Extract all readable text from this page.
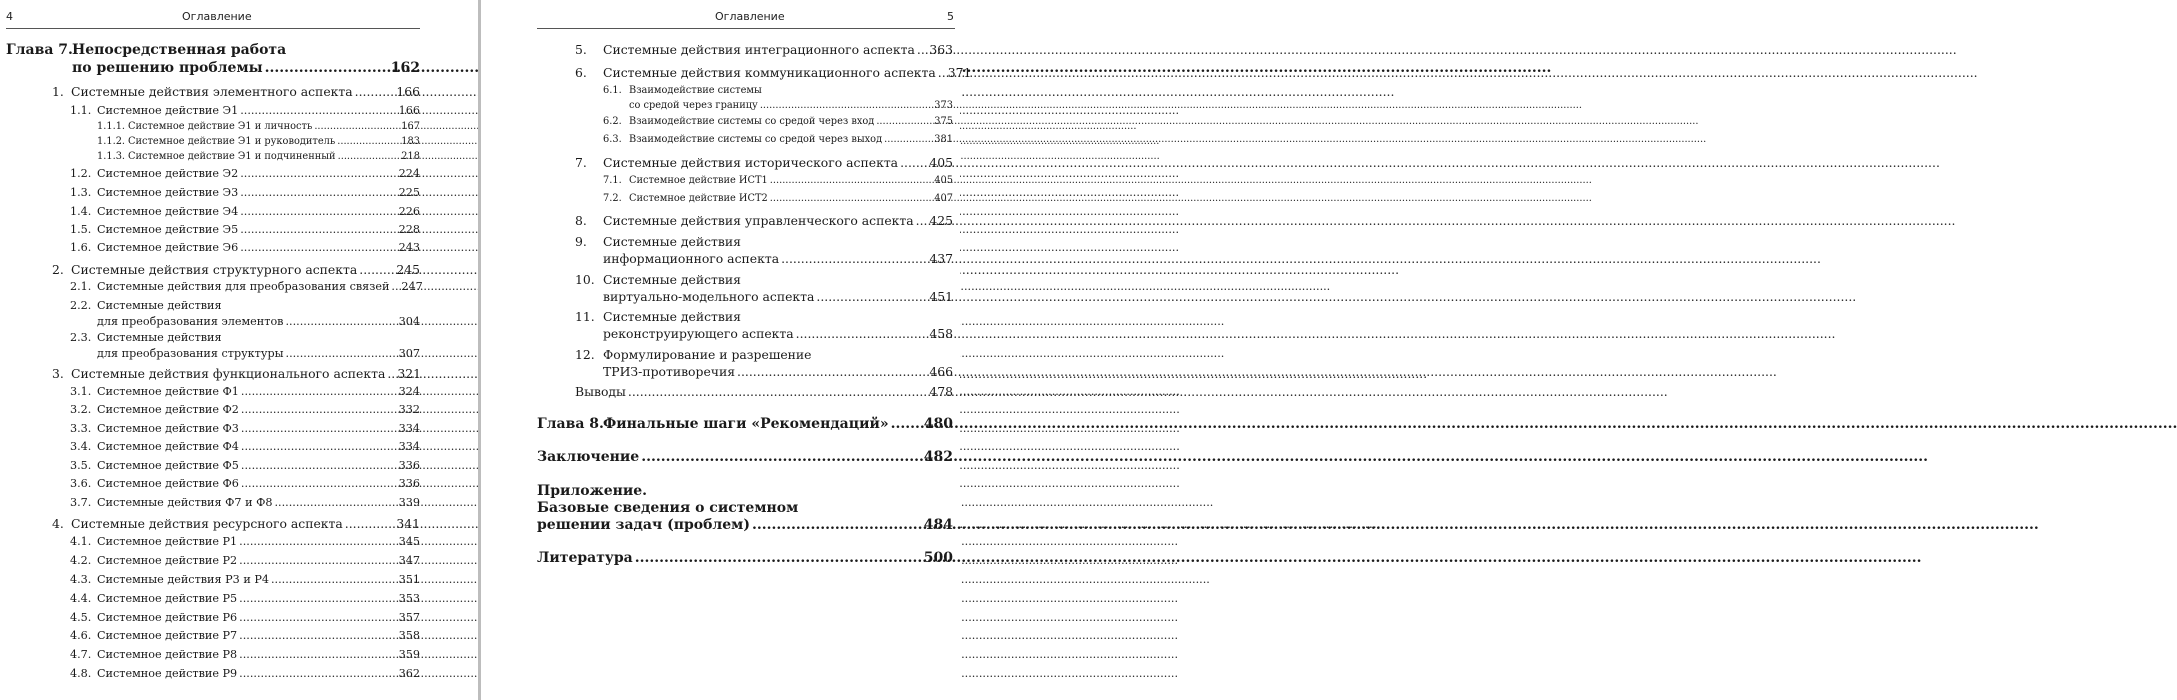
4	Оглавление
Глава 7. Непосредственная работа
по решению проблемы .....	162
1. Системные действия элементного аспекта .....	166
1.1. Системное действие Э1 .....	166
1.1.1. Системное действие Э1 и личность .....	167
1.1.2. Системное действие Э1 и руководитель .....	183
1.1.3. Системное действие Э1 и подчиненный .....	218
1.2. Системное действие Э2 .....	224
1.3. Системное действие Э3 .....	225
1.4. Системное действие Э4 .....	226
1.5. Системное действие Э5 .....	228
1.6. Системное действие Э6 .....	243
2. Системные действия структурного аспекта .....	245
2.1. Системные действия для преобразования связей ..... 247
2.2. Системные действия
для преобразования элементов .....	304
2.3. Системные действия
для преобразования структуры .....	307
3. Системные действия функционального аспекта ..... 321
3.1. Системное действие Ф1 .....	324
3.2. Системное действие Ф2 .....	332
3.3. Системное действие Ф3 .....	334
3.4. Системное действие Ф4 .....	334
3.5. Системное действие Ф5 .....	336
3.6. Системное действие Ф6 .....	336
3.7. Системные действия Ф7 и Ф8 .....	339
4. Системные действия ресурсного аспекта .....	341
4.1. Системное действие Р1 .....	345
4.2. Системное действие Р2 .....	347
4.3. Системные действия Р3 и Р4 .....	351
4.4. Системное действие Р5 .....	353
4.5. Системное действие Р6 .....	357
4.6. Системное действие Р7 .....	358
4.7. Системное действие Р8 .....	359
4.8. Системное действие Р9 .....	362
Оглавление	5
5.	Системные действия интеграционного аспекта ..... 363
6.	Системные действия коммуникационного аспекта ..... 371
6.1. Взаимодействие системы
со средой через границу .....	373
6.2. Взаимодействие системы со средой через вход .....	375
6.3. Взаимодействие системы со средой через выход .....	381
7.	Системные действия исторического аспекта .....	405
7.1. Системное действие ИСТ1 .....	405
7.2. Системное действие ИСТ2 .....	407
8.	Системные действия управленческого аспекта ..... 425
9. Системные действия
информационного аспекта .....	437
10. Системные действия
виртуально-модельного аспекта .....	451
11. Системные действия
реконструирующего аспекта .....	458
12. Формулирование и разрешение
ТРИЗ-противоречия .....	466
Выводы .....	478
Глава 8. Финальные шаги «Рекомендаций» .....	480
Заключение .....	482
Приложение.
Базовые сведения о системном
решении задач (проблем) .....	484
Литература .....	500
